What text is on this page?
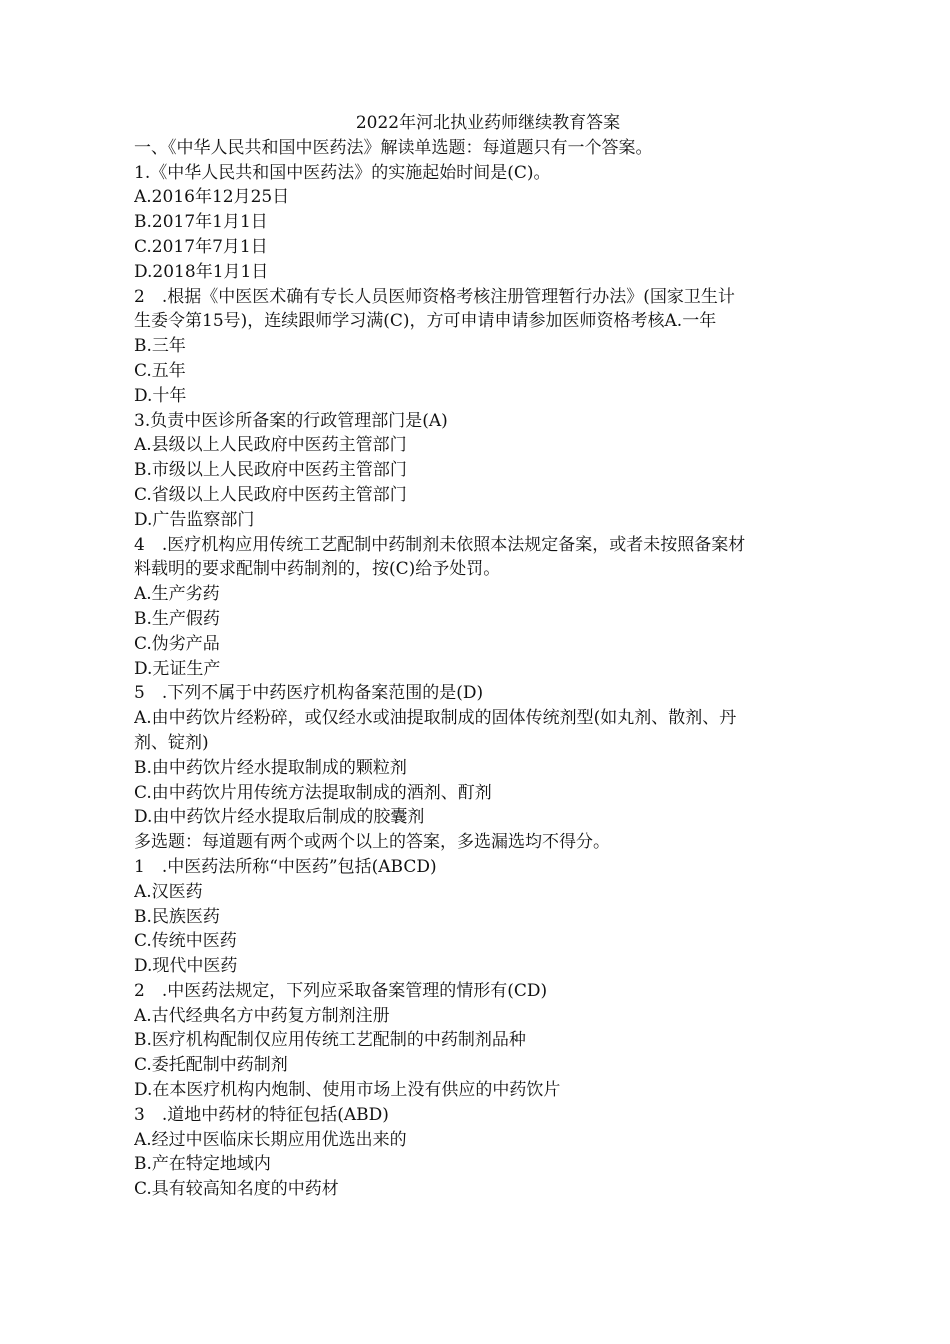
2022年河北执业药师继续教育答案

一、《中华人民共和国中医药法》解读单选题：每道题只有一个答案。

1.《中华人民共和国中医药法》的实施起始时间是(C)。

A.2016年12月25日

B.2017年1月1日

C.2017年7月1日

D.2018年1月1日

2　.根据《中医医术确有专长人员医师资格考核注册管理暂行办法》(国家卫生计

生委令第15号)，连续跟师学习满(C)，方可申请申请参加医师资格考核A.一年

B.三年

C.五年

D.十年

3.负责中医诊所备案的行政管理部门是(A)

A.县级以上人民政府中医药主管部门

B.市级以上人民政府中医药主管部门

C.省级以上人民政府中医药主管部门

D.广告监察部门

4　.医疗机构应用传统工艺配制中药制剂未依照本法规定备案，或者未按照备案材

料载明的要求配制中药制剂的，按(C)给予处罚。

A.生产劣药

B.生产假药

C.伪劣产品

D.无证生产

5　.下列不属于中药医疗机构备案范围的是(D)

A.由中药饮片经粉碎，或仅经水或油提取制成的固体传统剂型(如丸剂、散剂、丹

剂、锭剂)

B.由中药饮片经水提取制成的颗粒剂

C.由中药饮片用传统方法提取制成的酒剂、酊剂

D.由中药饮片经水提取后制成的胶囊剂

多选题：每道题有两个或两个以上的答案，多选漏选均不得分。

1　.中医药法所称“中医药”包括(ABCD)

A.汉医药

B.民族医药

C.传统中医药

D.现代中医药

2　.中医药法规定，下列应采取备案管理的情形有(CD)

A.古代经典名方中药复方制剂注册

B.医疗机构配制仅应用传统工艺配制的中药制剂品种

C.委托配制中药制剂

D.在本医疗机构内炮制、使用市场上没有供应的中药饮片

3　.道地中药材的特征包括(ABD)

A.经过中医临床长期应用优选出来的

B.产在特定地域内

C.具有较高知名度的中药材
